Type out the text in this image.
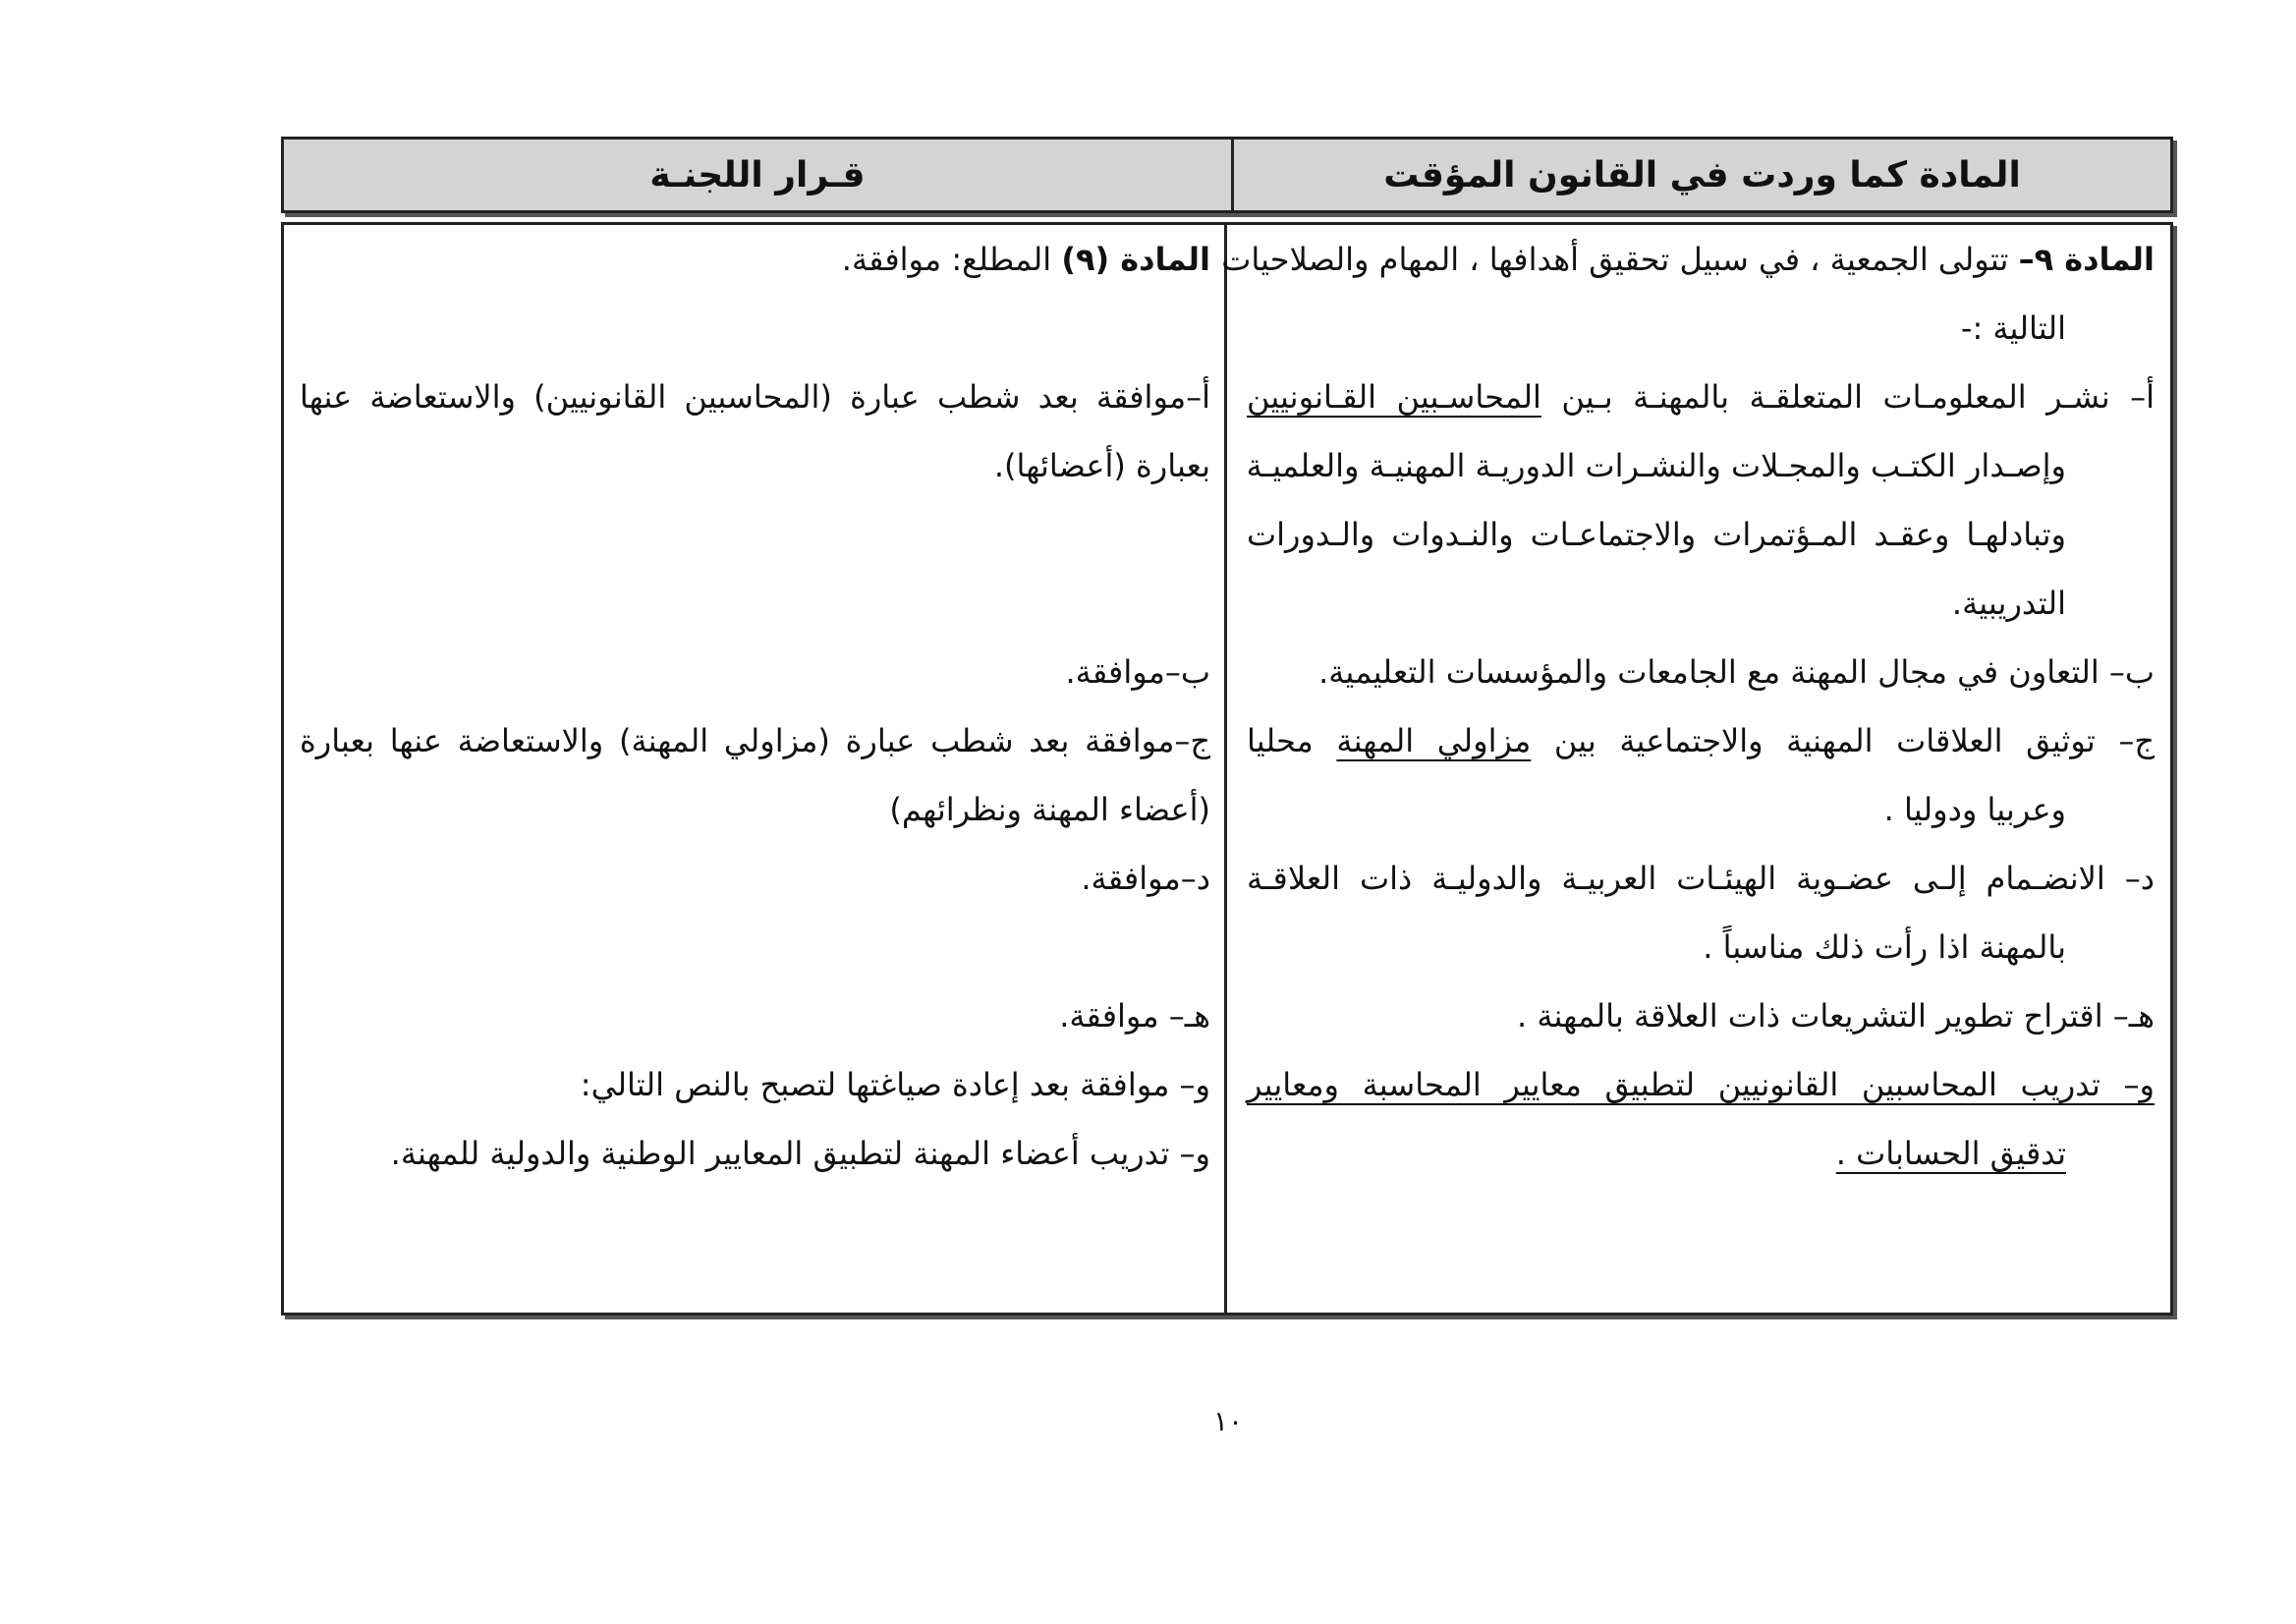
المادة كما وردت في القانون المؤقت
قـرار اللجنـة
المادة ٩– تتولى الجمعية ، في سبيل تحقيق أهدافها ، المهام والصلاحيات
التالية :-
أ– نشـر المعلومـات المتعلقـة بالمهنـة بـين المحاسـبين القـانونيين
وإصـدار الكتـب والمجـلات والنشـرات الدوريـة المهنيـة والعلميـة
وتبادلهـا وعقـد المـؤتمرات والاجتماعـات والنـدوات والـدورات
التدريبية.
ب– التعاون في مجال المهنة مع الجامعات والمؤسسات التعليمية.
ج– توثيق العلاقات المهنية والاجتماعية بين مزاولي المهنة محليا
وعربيا ودوليا .
د– الانضـمام إلـى عضـوية الهيئـات العربيـة والدوليـة ذات العلاقـة
بالمهنة اذا رأت ذلك مناسباً .
هـ– اقتراح تطوير التشريعات ذات العلاقة بالمهنة .
و– تدريب المحاسبين القانونيين لتطبيق معايير المحاسبة ومعايير
تدقيق الحسابات .
المادة (٩) المطلع: موافقة.
أ–موافقة بعد شطب عبارة (المحاسبين القانونيين) والاستعاضة عنها
بعبارة (أعضائها).
ب–موافقة.
ج–موافقة بعد شطب عبارة (مزاولي المهنة) والاستعاضة عنها بعبارة
(أعضاء المهنة ونظرائهم)
د–موافقة.
هـ– موافقة.
و– موافقة بعد إعادة صياغتها لتصبح بالنص التالي:
و– تدريب أعضاء المهنة لتطبيق المعايير الوطنية والدولية للمهنة.
١٠
